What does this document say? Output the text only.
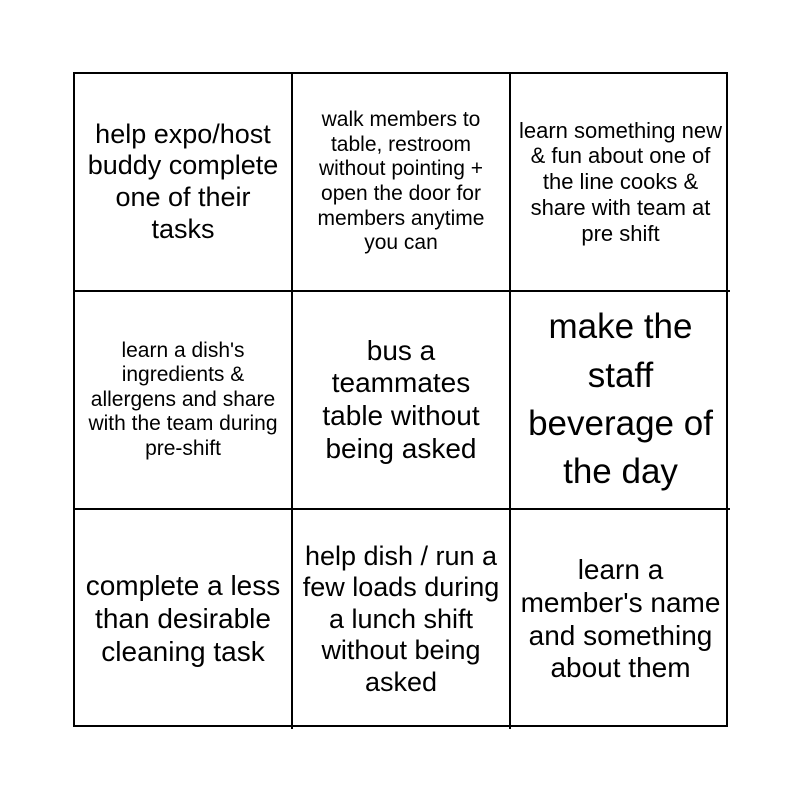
help expo/host buddy complete one of their tasks
walk members to table, restroom without pointing + open the door for members anytime you can
learn something new & fun about one of the line cooks & share with team at pre shift
learn a dish's ingredients & allergens and share with the team during pre-shift
bus a teammates table without being asked
make the staff beverage of the day
complete a less than desirable cleaning task
help dish / run a few loads during a lunch shift without being asked
learn a member's name and something about them
